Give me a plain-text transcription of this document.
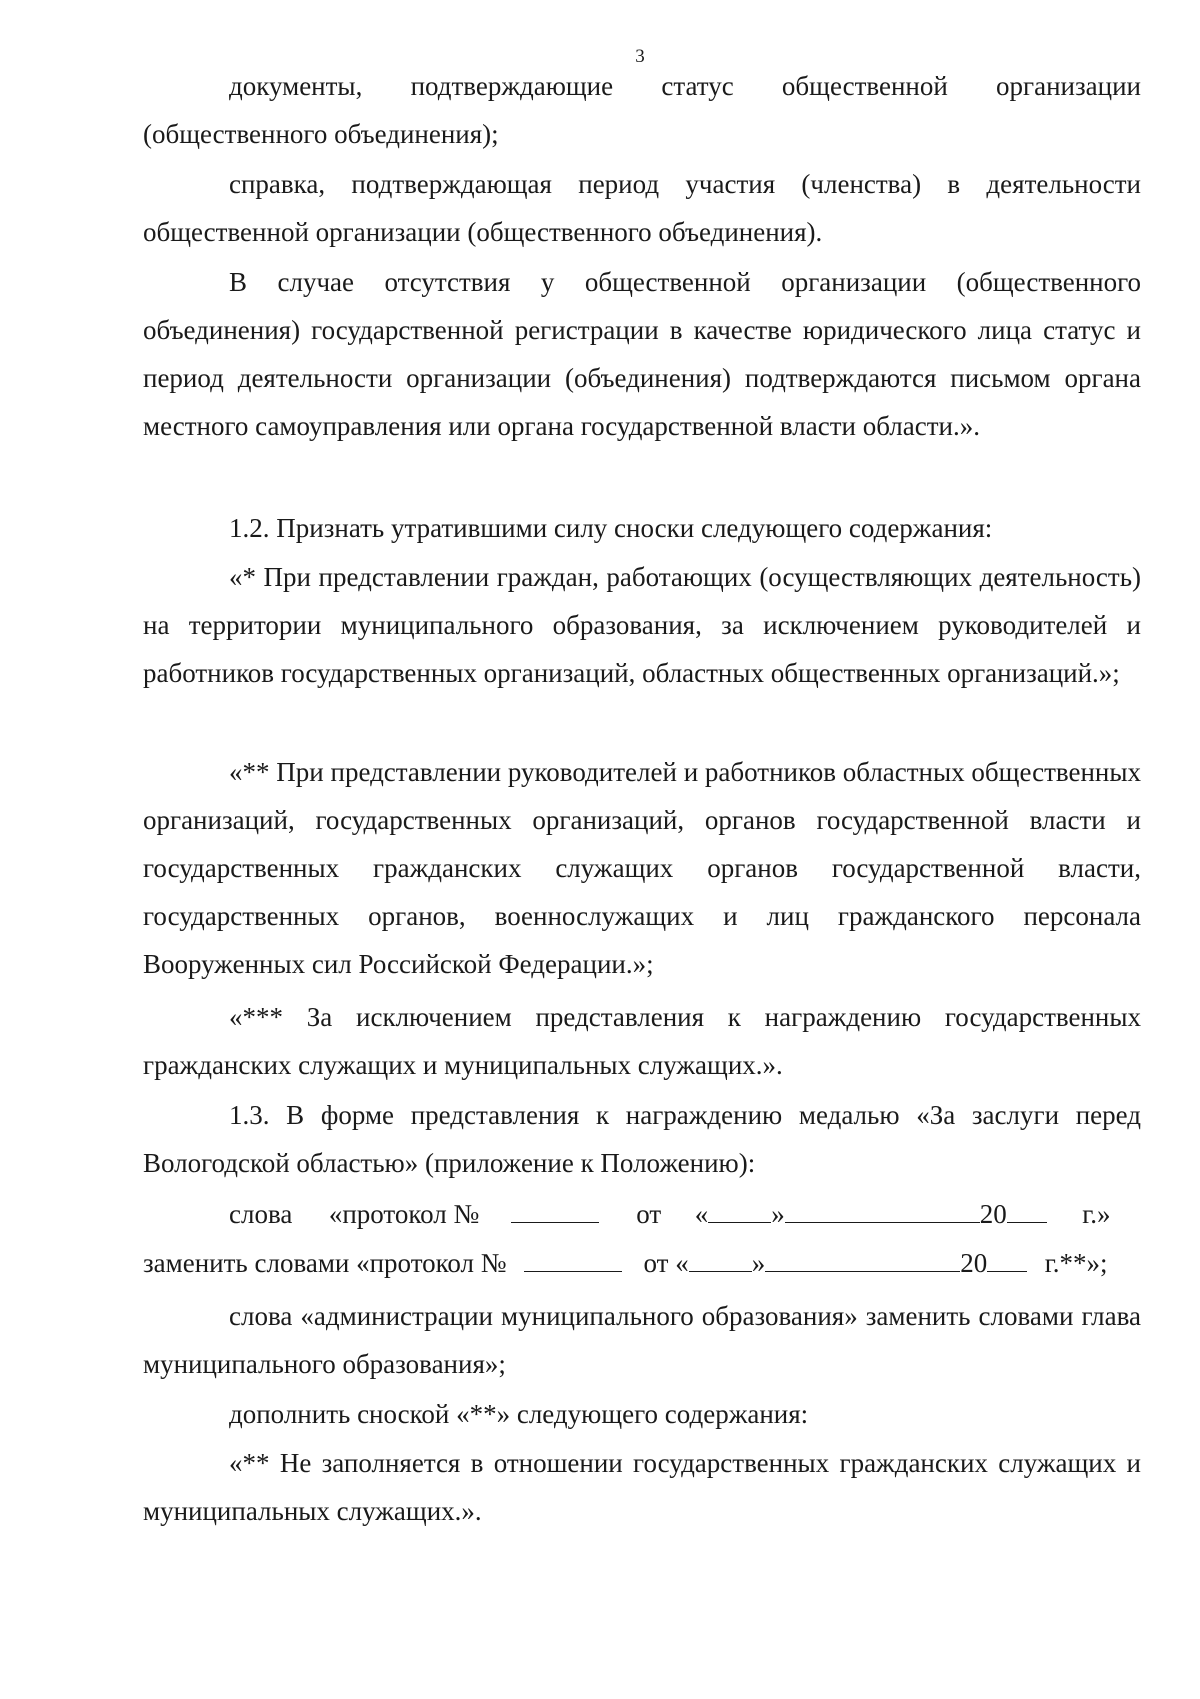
3

документы, подтверждающие статус общественной организации (общественного объединения);

справка, подтверждающая период участия (членства) в деятельности общественной организации (общественного объединения).

В случае отсутствия у общественной организации (общественного объединения) государственной регистрации в качестве юридического лица статус и период деятельности организации (объединения) подтверждаются письмом органа местного самоуправления или органа государственной власти области.».

1.2. Признать утратившими силу сноски следующего содержания:

«* При представлении граждан, работающих (осуществляющих деятельность) на территории муниципального образования, за исключением руководителей и работников государственных организаций, областных общественных организаций.»;

«** При представлении руководителей и работников областных общественных организаций, государственных организаций, органов государственной власти и государственных гражданских служащих органов государственной власти, государственных органов, военнослужащих и лиц гражданского персонала Вооруженных сил Российской Федерации.»;

«*** За исключением представления к награждению государственных гражданских служащих и муниципальных служащих.».

1.3. В форме представления к награждению медалью «За заслуги перед Вологодской областью» (приложение к Положению):

слова «протокол №	от « »	20	г.»
заменить словами «протокол №	от « »	20 г.**»;

слова «администрации муниципального образования» заменить словами глава муниципального образования»;

дополнить сноской «**» следующего содержания:

«** Не заполняется в отношении государственных гражданских служащих и муниципальных служащих.».
